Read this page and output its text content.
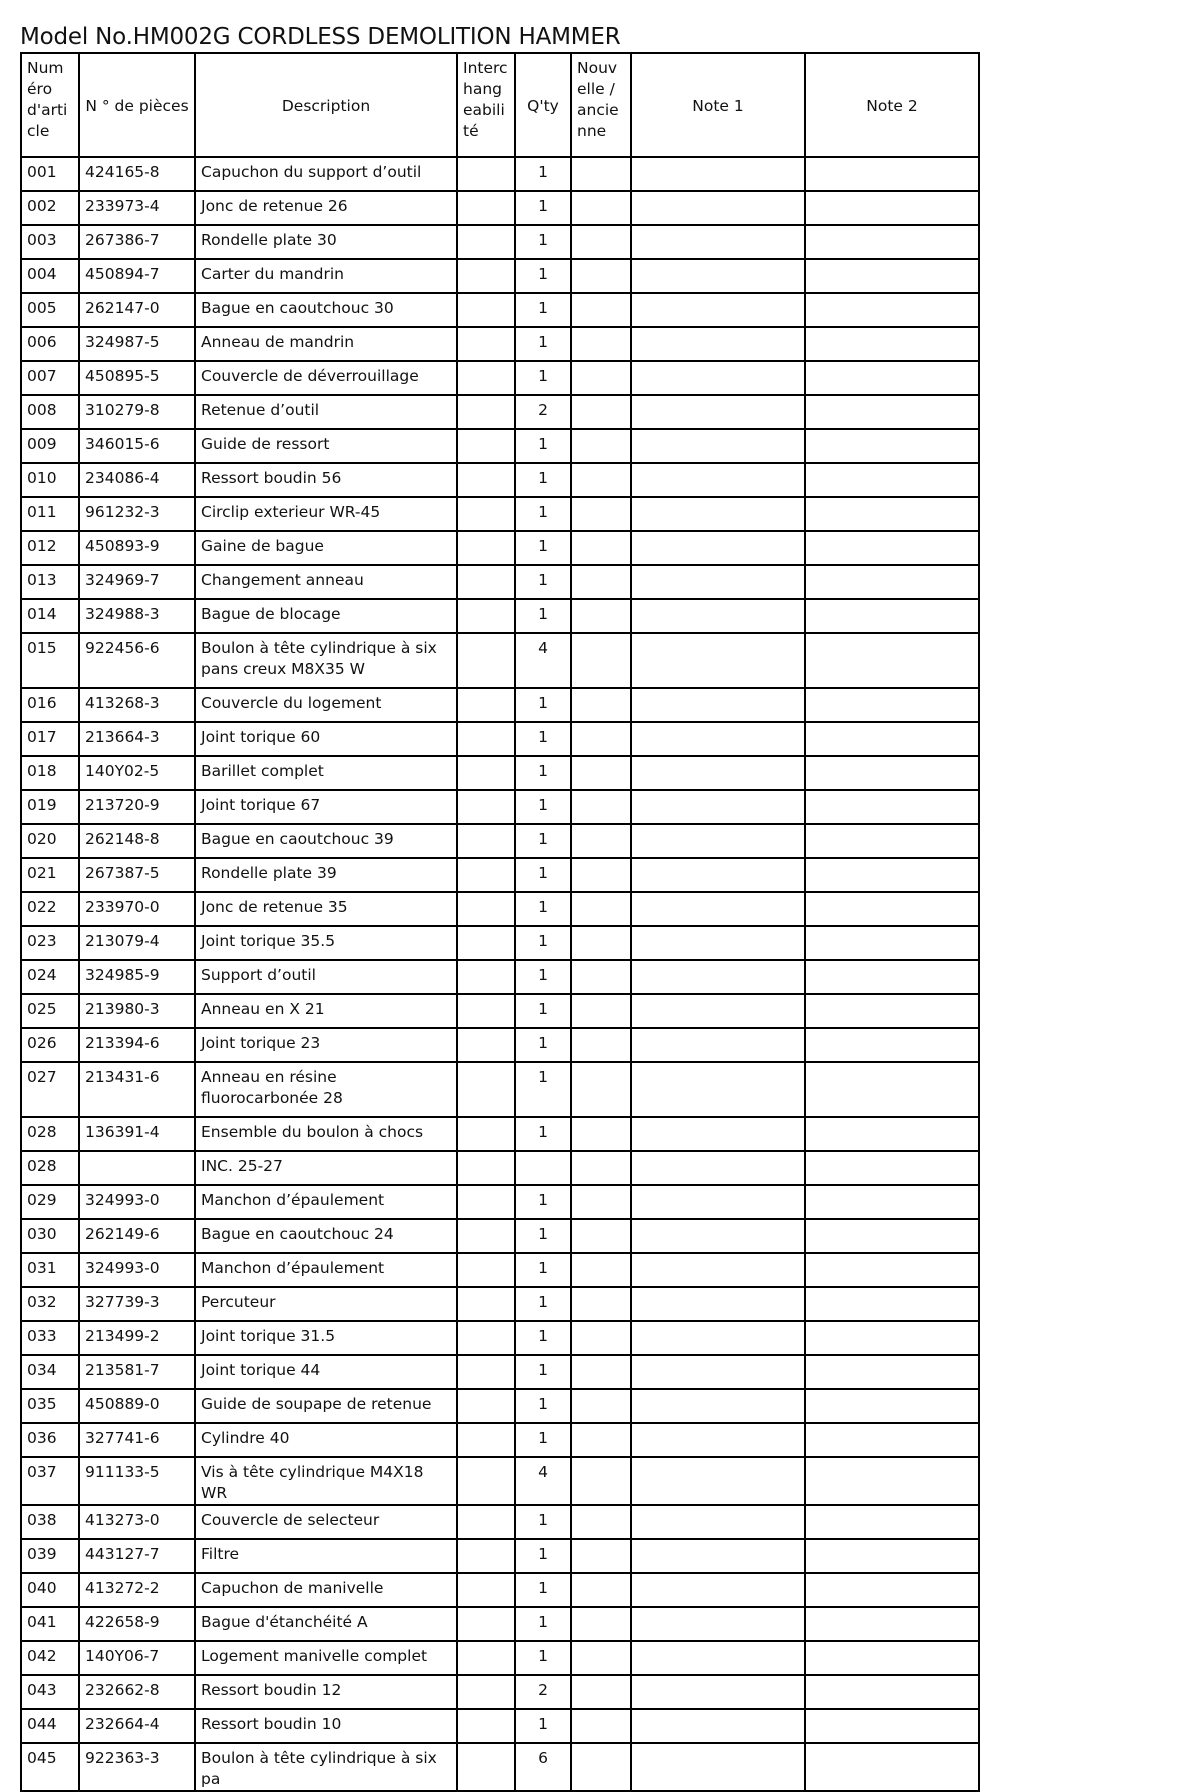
Model No.HM002G CORDLESS DEMOLITION HAMMER
Numéro d'article	N ° de pièces	Description	Interchangeabilité	Q'ty	Nouvelle / ancienne	Note 1	Note 2
001	424165-8	Capuchon du support d’outil		1			
002	233973-4	Jonc de retenue 26		1			
003	267386-7	Rondelle plate 30		1			
004	450894-7	Carter du mandrin		1			
005	262147-0	Bague en caoutchouc 30		1			
006	324987-5	Anneau de mandrin		1			
007	450895-5	Couvercle de déverrouillage		1			
008	310279-8	Retenue d’outil		2			
009	346015-6	Guide de ressort		1			
010	234086-4	Ressort boudin 56		1			
011	961232-3	Circlip exterieur WR-45		1			
012	450893-9	Gaine de bague		1			
013	324969-7	Changement anneau		1			
014	324988-3	Bague de blocage		1			
015	922456-6	Boulon à tête cylindrique à six pans creux M8X35 W		4			
016	413268-3	Couvercle du logement		1			
017	213664-3	Joint torique 60		1			
018	140Y02-5	Barillet complet		1			
019	213720-9	Joint torique 67		1			
020	262148-8	Bague en caoutchouc 39		1			
021	267387-5	Rondelle plate 39		1			
022	233970-0	Jonc de retenue 35		1			
023	213079-4	Joint torique 35.5		1			
024	324985-9	Support d’outil		1			
025	213980-3	Anneau en X 21		1			
026	213394-6	Joint torique 23		1			
027	213431-6	Anneau en résine fluorocarbonée 28		1			
028	136391-4	Ensemble du boulon à chocs		1			
028		INC. 25-27					
029	324993-0	Manchon d’épaulement		1			
030	262149-6	Bague en caoutchouc 24		1			
031	324993-0	Manchon d’épaulement		1			
032	327739-3	Percuteur		1			
033	213499-2	Joint torique 31.5		1			
034	213581-7	Joint torique 44		1			
035	450889-0	Guide de soupape de retenue		1			
036	327741-6	Cylindre 40		1			
037	911133-5	Vis à tête cylindrique M4X18 WR		4			
038	413273-0	Couvercle de selecteur		1			
039	443127-7	Filtre		1			
040	413272-2	Capuchon de manivelle		1			
041	422658-9	Bague d'étanchéité A		1			
042	140Y06-7	Logement manivelle complet		1			
043	232662-8	Ressort boudin 12		2			
044	232664-4	Ressort boudin 10		1			
045	922363-3	Boulon à tête cylindrique à six pa		6			
